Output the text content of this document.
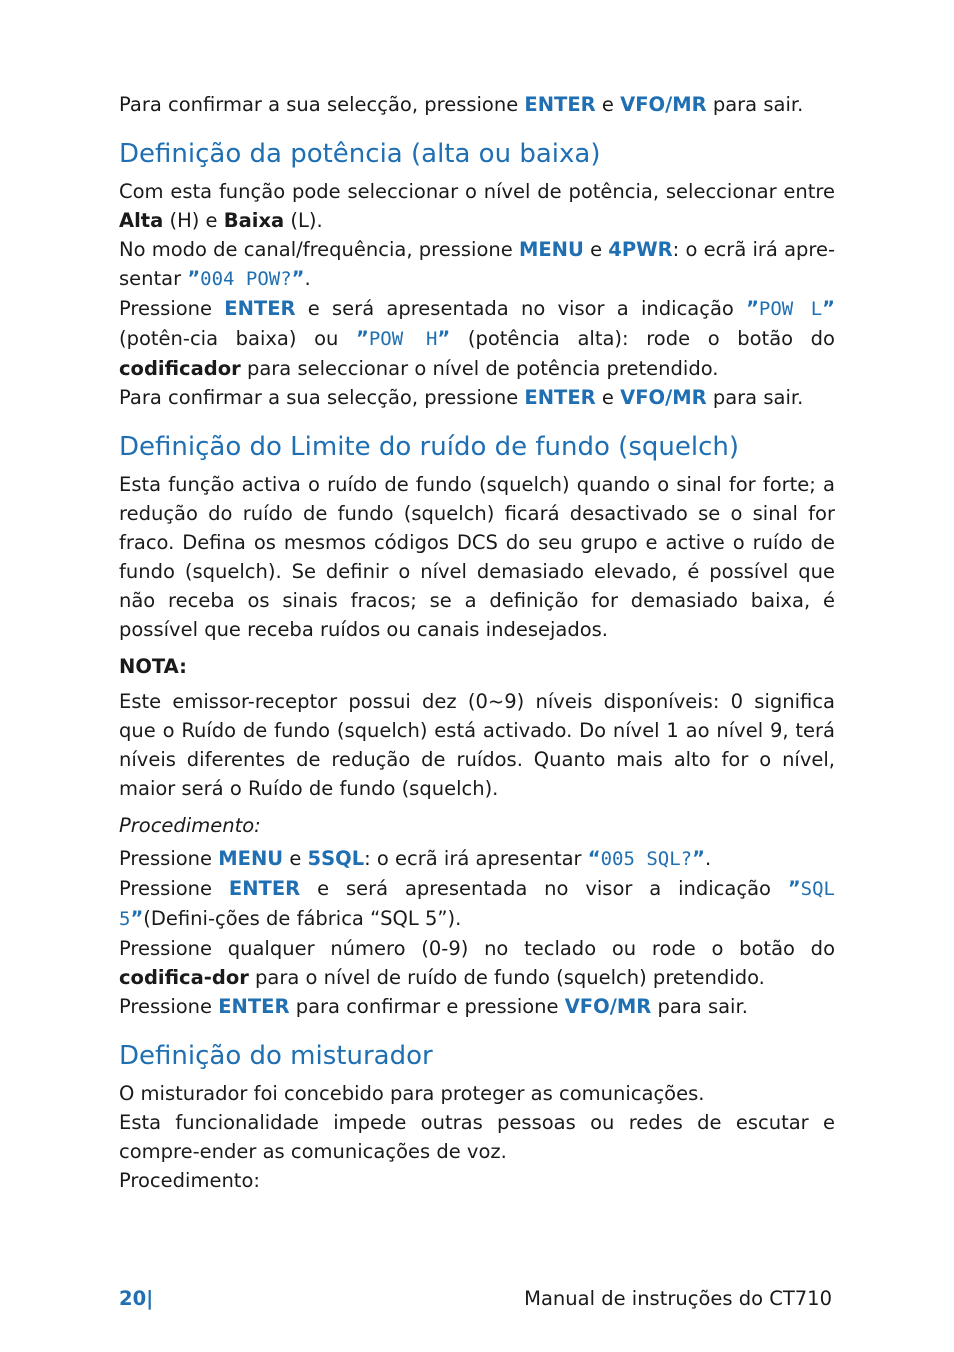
Para confirmar a sua selecção, pressione ENTER e VFO/MR para sair.

Definição da potência (alta ou baixa)

Com esta função pode seleccionar o nível de potência, seleccionar entre Alta (H) e Baixa (L).

No modo de canal/frequência, pressione MENU e 4PWR: o ecrã irá apre-sentar ”004 POW?”.

Pressione ENTER e será apresentada no visor a indicação ”POW L” (potên-cia baixa) ou ”POW H” (potência alta): rode o botão do codificador para seleccionar o nível de potência pretendido.

Para confirmar a sua selecção, pressione ENTER e VFO/MR para sair.

Definição do Limite do ruído de fundo (squelch)

Esta função activa o ruído de fundo (squelch) quando o sinal for forte; a redução do ruído de fundo (squelch) ficará desactivado se o sinal for fraco. Defina os mesmos códigos DCS do seu grupo e active o ruído de fundo (squelch). Se definir o nível demasiado elevado, é possível que não receba os sinais fracos; se a definição for demasiado baixa, é possível que receba ruídos ou canais indesejados.

NOTA:

Este emissor-receptor possui dez (0~9) níveis disponíveis: 0 significa que o Ruído de fundo (squelch) está activado. Do nível 1 ao nível 9, terá níveis diferentes de redução de ruídos. Quanto mais alto for o nível, maior será o Ruído de fundo (squelch).

Procedimento:

Pressione MENU e 5SQL: o ecrã irá apresentar “005 SQL?”.

Pressione ENTER e será apresentada no visor a indicação ”SQL 5”(Defini-ções de fábrica “SQL 5”).

Pressione qualquer número (0-9) no teclado ou rode o botão do codifica-dor para o nível de ruído de fundo (squelch) pretendido.

Pressione ENTER para confirmar e pressione VFO/MR para sair.

Definição do misturador

O misturador foi concebido para proteger as comunicações.

Esta funcionalidade impede outras pessoas ou redes de escutar e compre-ender as comunicações de voz.

Procedimento:

20|	Manual de instruções do CT710
